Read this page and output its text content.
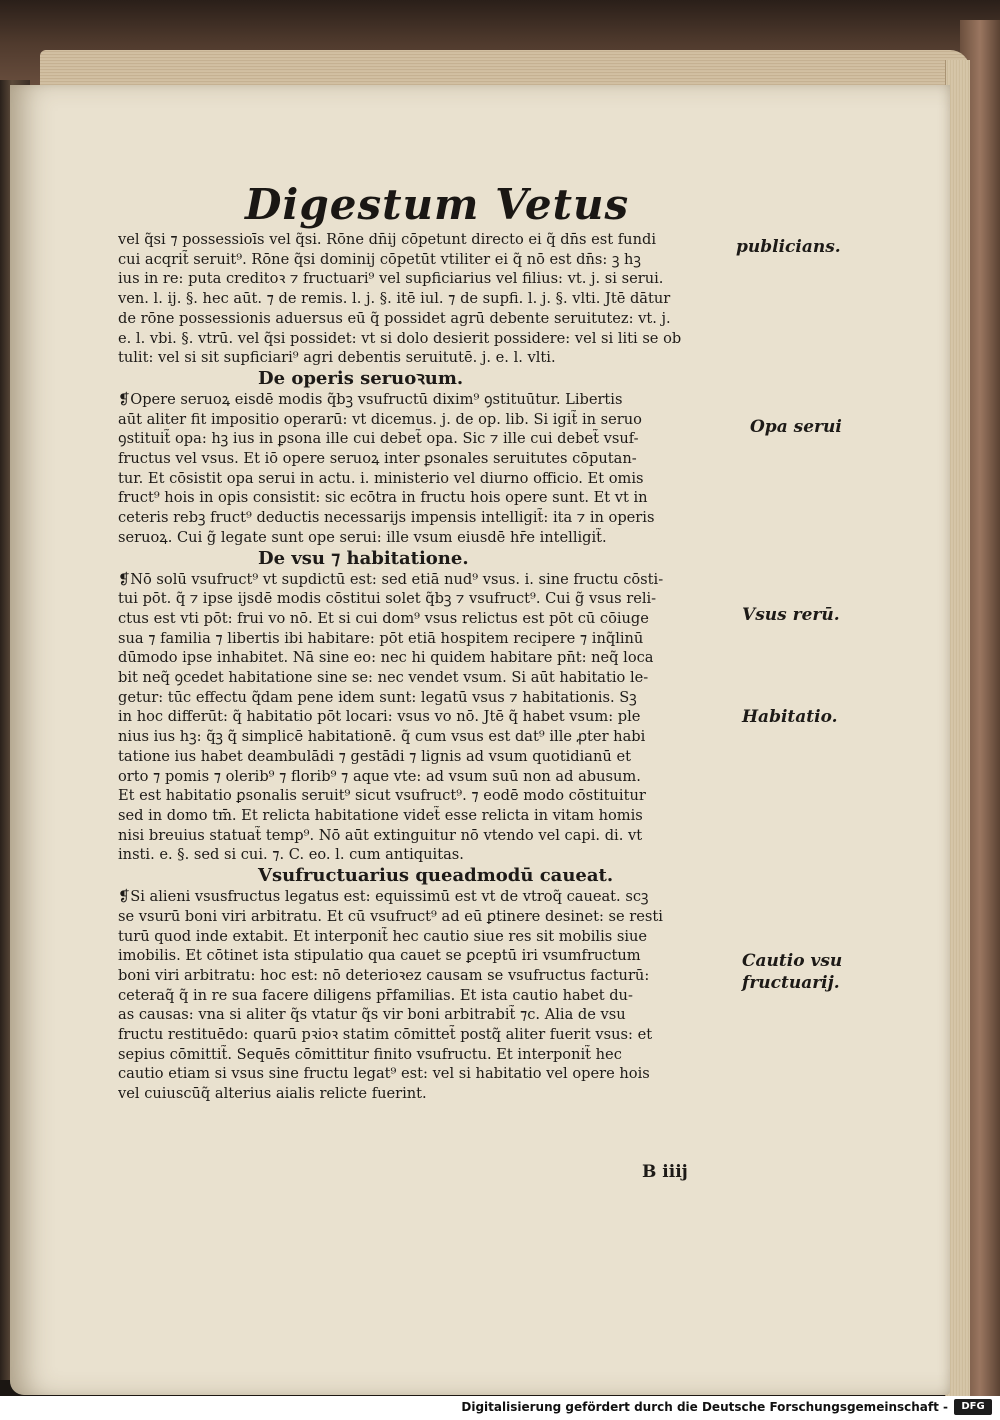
Digestum Vetus
vel q̃si ⁊ possessioīs vel q̃si. Rōne dn̄ij cōpetunt directo ei q̃ dn̄s est fundi
cui acqrit̃ seruit⁹. Rōne q̃si dominij cōpetūt vtiliter ei q̃ nō est dn̄s: ꝫ hꝫ
ius in re: puta creditoꝛ ⁊ fructuari⁹ vel supficiarius vel filius: vt. j. si serui.
ven. l. ij. §. hec aūt. ⁊ de remis. l. j. §. itē iul. ⁊ de supfi. l. j. §. vlti. Jtē dātur
de rōne possessionis aduersus eū q̃ possidet agrū debente seruitutez: vt. j.
e. l. vbi. §. vtrū. vel q̃si possidet: vt si dolo desierit possidere: vel si liti se ob
tulit: vel si sit supficiari⁹ agri debentis seruitutē. j. e. l. vlti.
De operis seruoꝛum.
❡Opere seruoꝝ eisdē modis q̃bꝫ vsufructū dixim⁹ ꝯstituūtur. Libertis
aūt aliter fit impositio operarū: vt dicemus. j. de op. lib. Si igit̃ in seruo
ꝯstituit̃ opa: hꝫ ius in ꝑsona ille cui debet̃ opa. Sic ⁊ ille cui debet̃ vsuf-
fructus vel vsus. Et iō opere seruoꝝ inter ꝑsonales seruitutes cōputan-
tur. Et cōsistit opa serui in actu. i. ministerio vel diurno officio. Et omis
fruct⁹ hois in opis consistit: sic ecōtra in fructu hois opere sunt. Et vt in
ceteris rebꝫ fruct⁹ deductis necessarijs impensis intelligit̃: ita ⁊ in operis
seruoꝝ. Cui g̃ legate sunt ope serui: ille vsum eiusdē hr̄e intelligit̃.
De vsu ⁊ habitatione.
❡Nō solū vsufruct⁹ vt supdictū est: sed etiā nud⁹ vsus. i. sine fructu cōsti-
tui pōt. q̃ ⁊ ipse ijsdē modis cōstitui solet q̃bꝫ ⁊ vsufruct⁹. Cui g̃ vsus reli-
ctus est vti pōt: frui vo nō. Et si cui dom⁹ vsus relictus est pōt cū cōiuge
sua ⁊ familia ⁊ libertis ibi habitare: pōt etiā hospitem recipere ⁊ inq̃linū
dūmodo ipse inhabitet. Nā sine eo: nec hi quidem habitare pn̄t: neq̃ loca
bit neq̃ ꝯcedet habitatione sine se: nec vendet vsum. Si aūt habitatio le-
getur: tūc effectu q̃dam pene idem sunt: legatū vsus ⁊ habitationis. Sꝫ
in hoc differūt: q̃ habitatio pōt locari: vsus vo nō. Jtē q̃ habet vsum: ple
nius ius hꝫ: q̃ꝫ q̃ simplicē habitationē. q̃ cum vsus est dat⁹ ille ꝓter habi
tatione ius habet deambulādi ⁊ gestādi ⁊ lignis ad vsum quotidianū et
orto ⁊ pomis ⁊ olerib⁹ ⁊ florib⁹ ⁊ aque vte: ad vsum suū non ad abusum.
Et est habitatio ꝑsonalis seruit⁹ sicut vsufruct⁹. ⁊ eodē modo cōstituitur
sed in domo tm̄. Et relicta habitatione videt̃ esse relicta in vitam homis
nisi breuius statuat̃ temp⁹. Nō aūt extinguitur nō vtendo vel capi. di. vt
insti. e. §. sed si cui. ⁊. C. eo. l. cum antiquitas.
Vsufructuarius queadmodū caueat.
❡Si alieni vsusfructus legatus est: equissimū est vt de vtroq̃ caueat. scꝫ
se vsurū boni viri arbitratu. Et cū vsufruct⁹ ad eū ꝑtinere desinet: se resti
turū quod inde extabit. Et interponit̃ hec cautio siue res sit mobilis siue
imobilis. Et cōtinet ista stipulatio qua cauet se ꝑceptū iri vsumfructum
boni viri arbitratu: hoc est: nō deterioꝛez causam se vsufructus facturū:
ceteraq̃ q̃ in re sua facere diligens pr̄familias. Et ista cautio habet du-
as causas: vna si aliter q̃s vtatur q̃s vir boni arbitrabit̃ ⁊c. Alia de vsu
fructu restituēdo: quarū pꝛioꝛ statim cōmittet̃ postq̃ aliter fuerit vsus: et
sepius cōmittit̃. Sequēs cōmittitur finito vsufructu. Et interponit̃ hec
cautio etiam si vsus sine fructu legat⁹ est: vel si habitatio vel opere hois
vel cuiuscūq̃ alterius aialis relicte fuerint.
publicians.
Opa serui
Vsus rerū.
Habitatio.
Cautio vsu
fructuarij.
B iiij
Digitalisierung gefördert durch die Deutsche Forschungsgemeinschaft -	DFG
